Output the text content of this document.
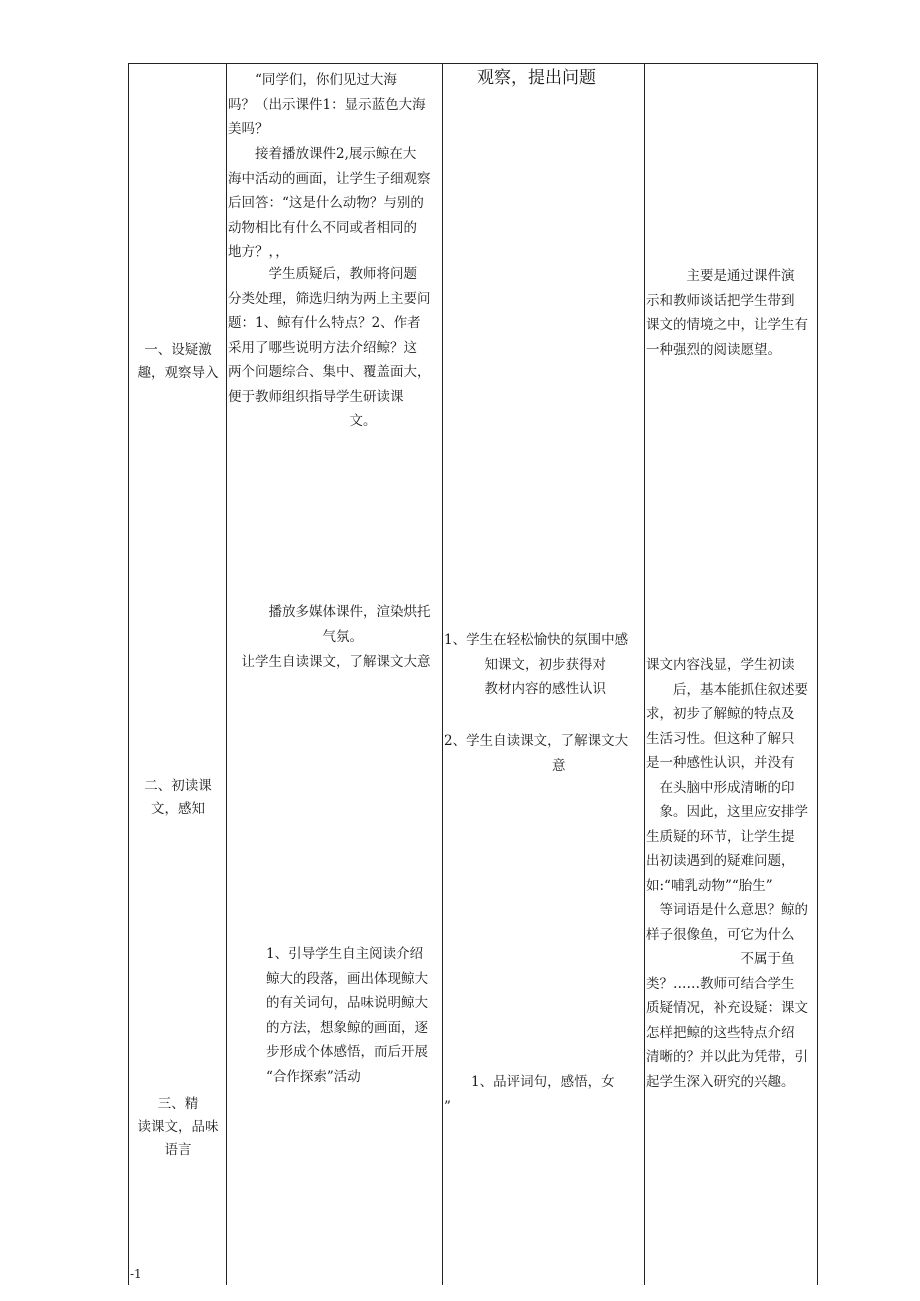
一、设疑激
趣，观察导入
二、初读课
文，感知
三、精
读课文，品味
语言
　　“同学们，你们见过大海
吗？（出示课件1：显示蓝色大海
美吗？
　　接着播放课件2,展示鲸在大
海中活动的画面，让学生子细观察
后回答：“这是什么动物？与别的
动物相比有什么不同或者相同的
地方？，，
　　　学生质疑后，教师将问题
分类处理，筛选归纳为两上主要问
题：1、鲸有什么特点？2、作者
采用了哪些说明方法介绍鲸？这
两个问题综合、集中、覆盖面大，
便于教师组织指导学生研读课
　　　　　　　　　文。
　　　播放多媒体课件，渲染烘托
　　　　　　　气氛。
　让学生自读课文，了解课文大意
1、引导学生自主阅读介绍
鲸大的段落，画出体现鲸大
的有关词句，品味说明鲸大
的方法，想象鲸的画面，逐
步形成个体感悟，而后开展
“合作探索”活动
观察，提出问题
1、学生在轻松愉快的氛围中感
　　　知课文，初步获得对
　　　教材内容的感性认识
2、学生自读课文，了解课文大
　　　　　　　　意
　　1、品评词句，感悟，女
”
　　　主要是通过课件演
示和教师谈话把学生带到
课文的情境之中，让学生有
一种强烈的阅读愿望。
课文内容浅显，学生初读
　　后，基本能抓住叙述要
求，初步了解鲸的特点及
生活习性。但这种了解只
是一种感性认识，并没有
　在头脑中形成清晰的印
　象。因此，这里应安排学
生质疑的环节，让学生提
出初读遇到的疑难问题，
如:“哺乳动物”“胎生”
　等词语是什么意思？鲸的
样子很像鱼，可它为什么
　　　　　　　不属于鱼
类？……教师可结合学生
质疑情况，补充设疑：课文
怎样把鲸的这些特点介绍
清晰的？并以此为凭带，引
起学生深入研究的兴趣。
-1
